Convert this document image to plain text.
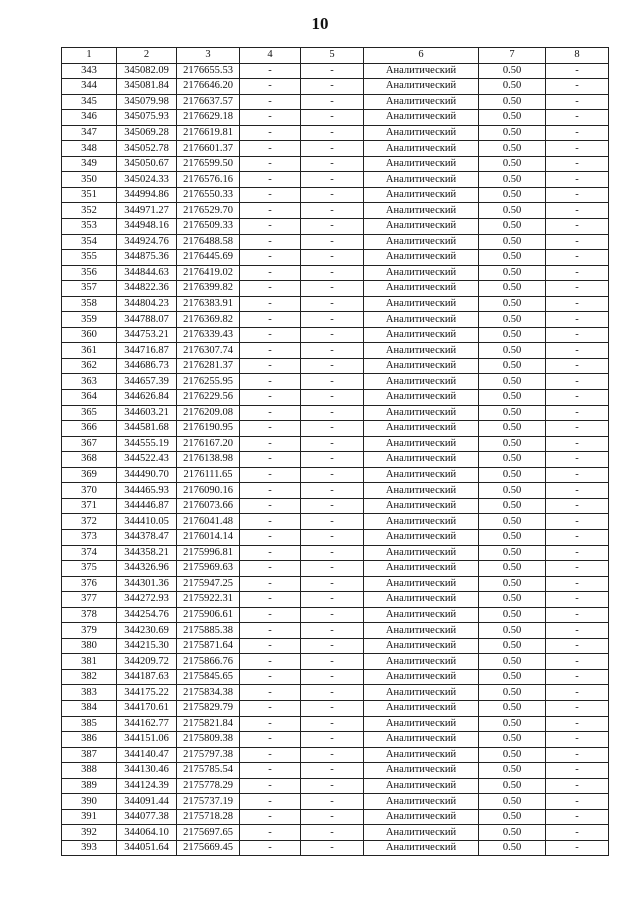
10
1	2	3	4	5	6	7	8
343	345082.09	2176655.53	-	-	Аналитический	0.50	-
344	345081.84	2176646.20	-	-	Аналитический	0.50	-
345	345079.98	2176637.57	-	-	Аналитический	0.50	-
346	345075.93	2176629.18	-	-	Аналитический	0.50	-
347	345069.28	2176619.81	-	-	Аналитический	0.50	-
348	345052.78	2176601.37	-	-	Аналитический	0.50	-
349	345050.67	2176599.50	-	-	Аналитический	0.50	-
350	345024.33	2176576.16	-	-	Аналитический	0.50	-
351	344994.86	2176550.33	-	-	Аналитический	0.50	-
352	344971.27	2176529.70	-	-	Аналитический	0.50	-
353	344948.16	2176509.33	-	-	Аналитический	0.50	-
354	344924.76	2176488.58	-	-	Аналитический	0.50	-
355	344875.36	2176445.69	-	-	Аналитический	0.50	-
356	344844.63	2176419.02	-	-	Аналитический	0.50	-
357	344822.36	2176399.82	-	-	Аналитический	0.50	-
358	344804.23	2176383.91	-	-	Аналитический	0.50	-
359	344788.07	2176369.82	-	-	Аналитический	0.50	-
360	344753.21	2176339.43	-	-	Аналитический	0.50	-
361	344716.87	2176307.74	-	-	Аналитический	0.50	-
362	344686.73	2176281.37	-	-	Аналитический	0.50	-
363	344657.39	2176255.95	-	-	Аналитический	0.50	-
364	344626.84	2176229.56	-	-	Аналитический	0.50	-
365	344603.21	2176209.08	-	-	Аналитический	0.50	-
366	344581.68	2176190.95	-	-	Аналитический	0.50	-
367	344555.19	2176167.20	-	-	Аналитический	0.50	-
368	344522.43	2176138.98	-	-	Аналитический	0.50	-
369	344490.70	2176111.65	-	-	Аналитический	0.50	-
370	344465.93	2176090.16	-	-	Аналитический	0.50	-
371	344446.87	2176073.66	-	-	Аналитический	0.50	-
372	344410.05	2176041.48	-	-	Аналитический	0.50	-
373	344378.47	2176014.14	-	-	Аналитический	0.50	-
374	344358.21	2175996.81	-	-	Аналитический	0.50	-
375	344326.96	2175969.63	-	-	Аналитический	0.50	-
376	344301.36	2175947.25	-	-	Аналитический	0.50	-
377	344272.93	2175922.31	-	-	Аналитический	0.50	-
378	344254.76	2175906.61	-	-	Аналитический	0.50	-
379	344230.69	2175885.38	-	-	Аналитический	0.50	-
380	344215.30	2175871.64	-	-	Аналитический	0.50	-
381	344209.72	2175866.76	-	-	Аналитический	0.50	-
382	344187.63	2175845.65	-	-	Аналитический	0.50	-
383	344175.22	2175834.38	-	-	Аналитический	0.50	-
384	344170.61	2175829.79	-	-	Аналитический	0.50	-
385	344162.77	2175821.84	-	-	Аналитический	0.50	-
386	344151.06	2175809.38	-	-	Аналитический	0.50	-
387	344140.47	2175797.38	-	-	Аналитический	0.50	-
388	344130.46	2175785.54	-	-	Аналитический	0.50	-
389	344124.39	2175778.29	-	-	Аналитический	0.50	-
390	344091.44	2175737.19	-	-	Аналитический	0.50	-
391	344077.38	2175718.28	-	-	Аналитический	0.50	-
392	344064.10	2175697.65	-	-	Аналитический	0.50	-
393	344051.64	2175669.45	-	-	Аналитический	0.50	-
